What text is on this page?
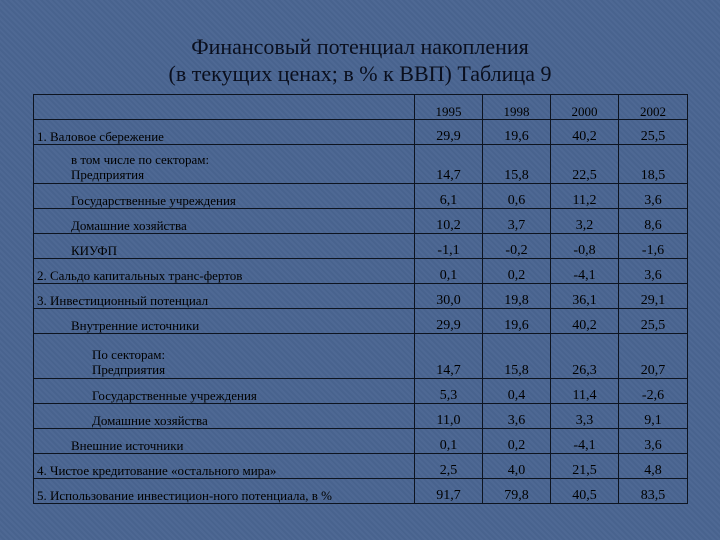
Финансовый потенциал накопления
(в текущих ценах; в % к ВВП) Таблица 9
	1995	1998	2000	2002

1. Валовое сбережение	29,9	19,6	40,2	25,5

в том числе по секторам:
Предприятия	14,7	15,8	22,5	18,5

Государственные учреждения	6,1	0,6	11,2	3,6

Домашние хозяйства	10,2	3,7	3,2	8,6

КИУФП	-1,1	-0,2	-0,8	-1,6

2. Сальдо капитальных транс-фертов	0,1	0,2	-4,1	3,6

3. Инвестиционный потенциал	30,0	19,8	36,1	29,1

Внутренние источники	29,9	19,6	40,2	25,5

По секторам:
Предприятия	14,7	15,8	26,3	20,7

Государственные учреждения	5,3	0,4	11,4	-2,6

Домашние хозяйства	11,0	3,6	3,3	9,1

Внешние источники	0,1	0,2	-4,1	3,6

4. Чистое кредитование «остального мира»	2,5	4,0	21,5	4,8

5. Использование инвестицион-ного потенциала, в %	91,7	79,8	40,5	83,5
